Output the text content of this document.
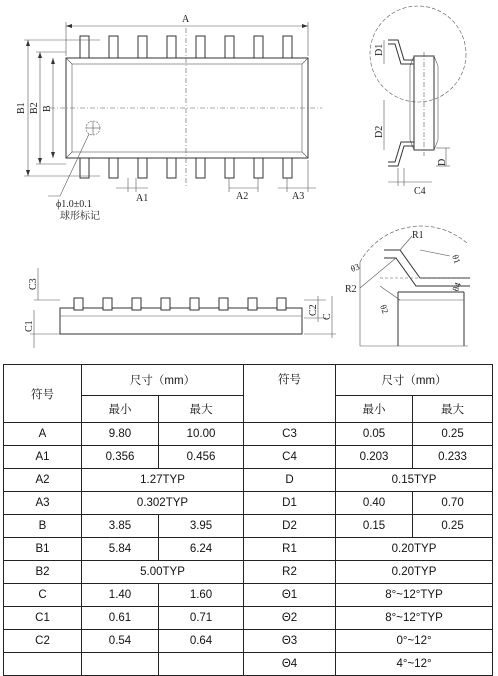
A
B1 B2 B
A1	A2	A3
ϕ1.0±0.1
球形标记
D1
D2
D
C4
C3
C1
C2
C
R1
R2
θ1
θ2
θ3
θ4
符号	尺寸（mm）		符号	尺寸（mm）	
	最小	最大		最小	最大
A	9.80	10.00	C3	0.05	0.25
A1	0.356	0.456	C4	0.203	0.233
A2	1.27TYP		D	0.15TYP	
A3	0.302TYP		D1	0.40	0.70
B	3.85	3.95	D2	0.15	0.25
B1	5.84	6.24	R1	0.20TYP	
B2	5.00TYP		R2	0.20TYP	
C	1.40	1.60	Θ1	8°~12°TYP	
C1	0.61	0.71	Θ2	8°~12°TYP	
C2	0.54	0.64	Θ3	0°~12°	
			Θ4	4°~12°	
